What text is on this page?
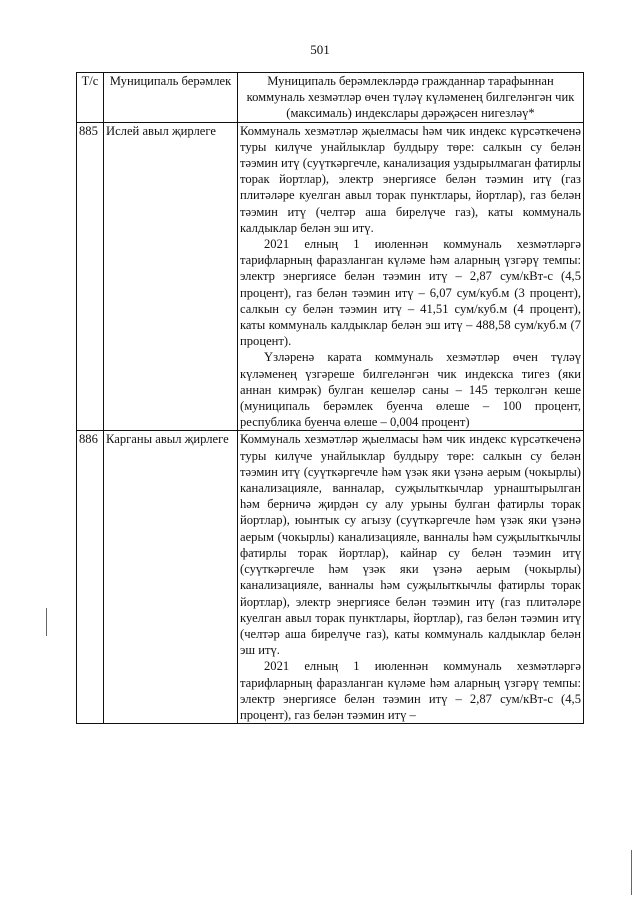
501
Т/с	Муниципаль берәмлек	Муниципаль берәмлекләрдә гражданнар тарафыннан коммуналь хезмәтләр өчен түләү күләменең билгеләнгән чик (максималь) индекслары дәрәҗәсен нигезләү*
885	Ислей авыл җирлеге	Коммуналь хезмәтләр җыелмасы һәм чик индекс күрсәткеченә туры килүче унайлыклар булдыру төре: салкын су белән тәэмин итү (суүткәргечле, канализация уздырылмаган фатирлы торак йортлар), электр энергиясе белән тәэмин итү (газ плитәләре куелган авыл торак пунктлары, йортлар), газ белән тәэмин итү (челтәр аша бирелүче газ), каты коммуналь калдыклар белән эш итү.

2021 елның 1 июленнән коммуналь хезмәтләргә тарифларның фаразланган күләме һәм аларның үзгәрү темпы: электр энергиясе белән тәэмин итү – 2,87 сум/кВт-с (4,5 процент), газ белән тәэмин итү – 6,07 сум/куб.м (3 процент), салкын су белән тәэмин итү – 41,51 сум/куб.м (4 процент), каты коммуналь калдыклар белән эш итү – 488,58 сум/куб.м (7 процент).

Үзләренә карата коммуналь хезмәтләр өчен түләү күләменең үзгәреше билгеләнгән чик индекска тигез (яки аннан кимрәк) булган кешеләр саны – 145 терколгән кеше (муниципаль берәмлек буенча өлеше – 100 процент, республика буенча өлеше – 0,004 процент)

886	Карганы авыл җирлеге	Коммуналь хезмәтләр җыелмасы һәм чик индекс күрсәткеченә туры килүче унайлыклар булдыру төре: салкын су белән тәэмин итү (суүткәргечле һәм үзәк яки үзәнә аерым (чокырлы) канализацияле, ванналар, суҗылыткычлар урнаштырылган һәм берничә җирдән су алу урыны булган фатирлы торак йортлар), юынтык су агызу (суүткәргечле һәм үзәк яки үзәнә аерым (чокырлы) канализацияле, ванналы һәм суҗылыткычлы фатирлы торак йортлар), кайнар су белән тәэмин итү (суүткәргечле һәм үзәк яки үзәнә аерым (чокырлы) канализацияле, ванналы һәм суҗылыткычлы фатирлы торак йортлар), электр энергиясе белән тәэмин итү (газ плитәләре куелган авыл торак пунктлары, йортлар), газ белән тәэмин итү (челтәр аша бирелүче газ), каты коммуналь калдыклар белән эш итү.

2021 елның 1 июленнән коммуналь хезмәтләргә тарифларның фаразланган күләме һәм аларның үзгәрү темпы: электр энергиясе белән тәэмин итү – 2,87 сум/кВт-с (4,5 процент), газ белән тәэмин итү –
